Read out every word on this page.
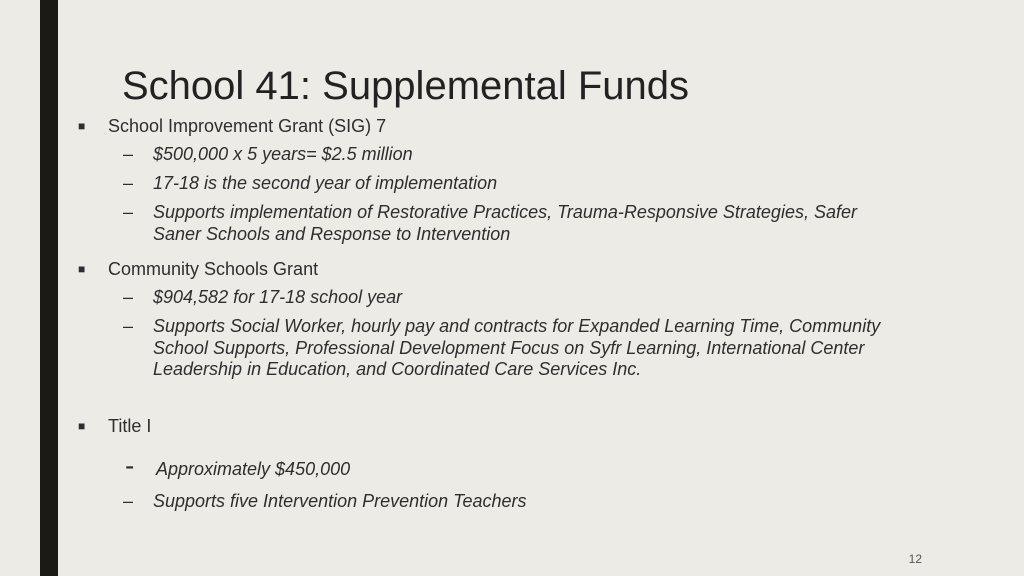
School 41: Supplemental Funds
■ School Improvement Grant (SIG) 7
– $500,000 x 5 years= $2.5 million
– 17-18 is the second year of implementation
– Supports implementation of Restorative Practices, Trauma-Responsive Strategies, Safer Saner Schools and Response to Intervention
■ Community Schools Grant
– $904,582 for 17-18 school year
– Supports Social Worker, hourly pay and contracts for Expanded Learning Time, Community School Supports, Professional Development Focus on Syfr Learning, International Center Leadership in Education, and Coordinated Care Services Inc.
■ Title I
- Approximately $450,000
– Supports five Intervention Prevention Teachers
12
